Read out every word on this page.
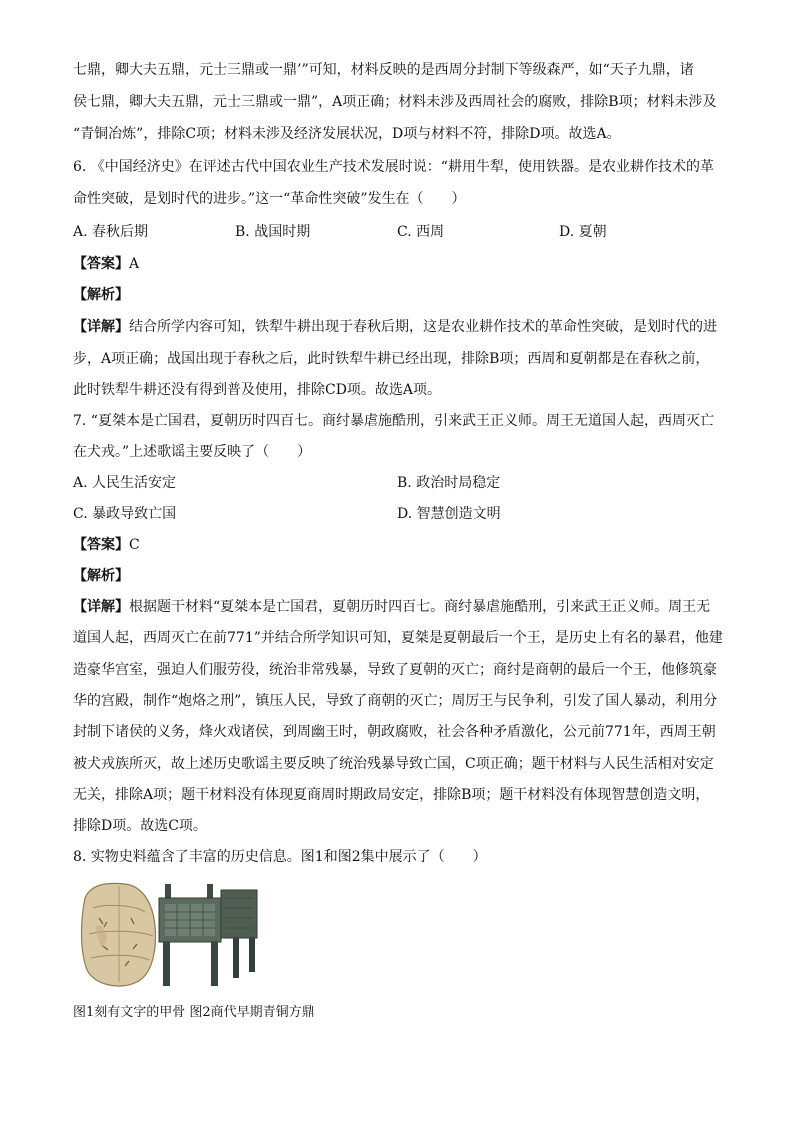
七鼎，卿大夫五鼎，元士三鼎或一鼎’”可知，材料反映的是西周分封制下等级森严，如“天子九鼎，诸
侯七鼎，卿大夫五鼎，元士三鼎或一鼎”，A项正确；材料未涉及西周社会的腐败，排除B项；材料未涉及
“青铜冶炼”，排除C项；材料未涉及经济发展状况，D项与材料不符，排除D项。故选A。
6. 《中国经济史》在评述古代中国农业生产技术发展时说：“耕用牛犁，使用铁器。是农业耕作技术的革
命性突破，是划时代的进步。”这一“革命性突破”发生在（　　）
A. 春秋后期	B. 战国时期	C. 西周	D. 夏朝
【答案】A
【解析】
【详解】结合所学内容可知，铁犁牛耕出现于春秋后期，这是农业耕作技术的革命性突破，是划时代的进
步，A项正确；战国出现于春秋之后，此时铁犁牛耕已经出现，排除B项；西周和夏朝都是在春秋之前，
此时铁犁牛耕还没有得到普及使用，排除CD项。故选A项。
7. “夏桀本是亡国君，夏朝历时四百七。商纣暴虐施酷刑，引来武王正义师。周王无道国人起，西周灭亡
在犬戎。”上述歌谣主要反映了（　　）
A. 人民生活安定	B. 政治时局稳定
C. 暴政导致亡国	D. 智慧创造文明
【答案】C
【解析】
【详解】根据题干材料“夏桀本是亡国君，夏朝历时四百七。商纣暴虐施酷刑，引来武王正义师。周王无
道国人起，西周灭亡在前771”并结合所学知识可知，夏桀是夏朝最后一个王，是历史上有名的暴君，他建
造豪华宫室，强迫人们服劳役，统治非常残暴，导致了夏朝的灭亡；商纣是商朝的最后一个王，他修筑豪
华的宫殿，制作“炮烙之刑”，镇压人民，导致了商朝的灭亡；周厉王与民争利，引发了国人暴动，利用分
封制下诸侯的义务，烽火戏诸侯，到周幽王时，朝政腐败，社会各种矛盾激化，公元前771年，西周王朝
被犬戎族所灭，故上述历史歌谣主要反映了统治残暴导致亡国，C项正确；题干材料与人民生活相对安定
无关，排除A项；题干材料没有体现夏商周时期政局安定，排除B项；题干材料没有体现智慧创造文明，
排除D项。故选C项。
8. 实物史料蕴含了丰富的历史信息。图1和图2集中展示了（　　）
图1刻有文字的甲骨 图2商代早期青铜方鼎
